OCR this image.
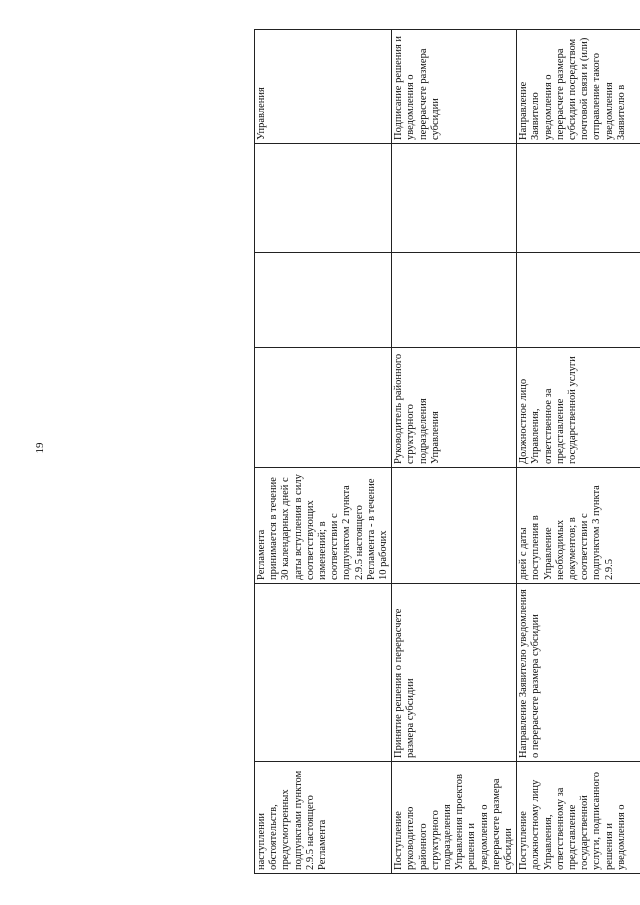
19
наступлении обстоятельств, предусмотренных подпунктами пунктом 2.9.5 настоящего Регламента		Регламента принимается в течение 30 календарных дней с даты вступления в силу соответствующих изменений; в соответствии с подпунктом 2 пункта 2.9.5 настоящего Регламента - в течение 10 рабочих				Управления
Поступление руководителю районного структурного подразделения Управления проектов решения и уведомления о перерасчете размера субсидии	Принятие решения о перерасчете размера субсидии		Руководитель районного структурного подразделения Управления			Подписание решения и уведомления о перерасчете размера субсидии
Поступление должностному лицу Управления, ответственному за представление государственной услуги, подписанного решения и уведомления о	Направление Заявителю уведомления о перерасчете размера субсидии	дней с даты поступления в Управление необходимых документов; в соответствии с подпунктом 3 пункта 2.9.5	Должностное лицо Управления, ответственное за представление государственной услуги			Направление Заявителю уведомления о перерасчете размера субсидии посредством почтовой связи и (или) отправление такого уведомления Заявителю в
